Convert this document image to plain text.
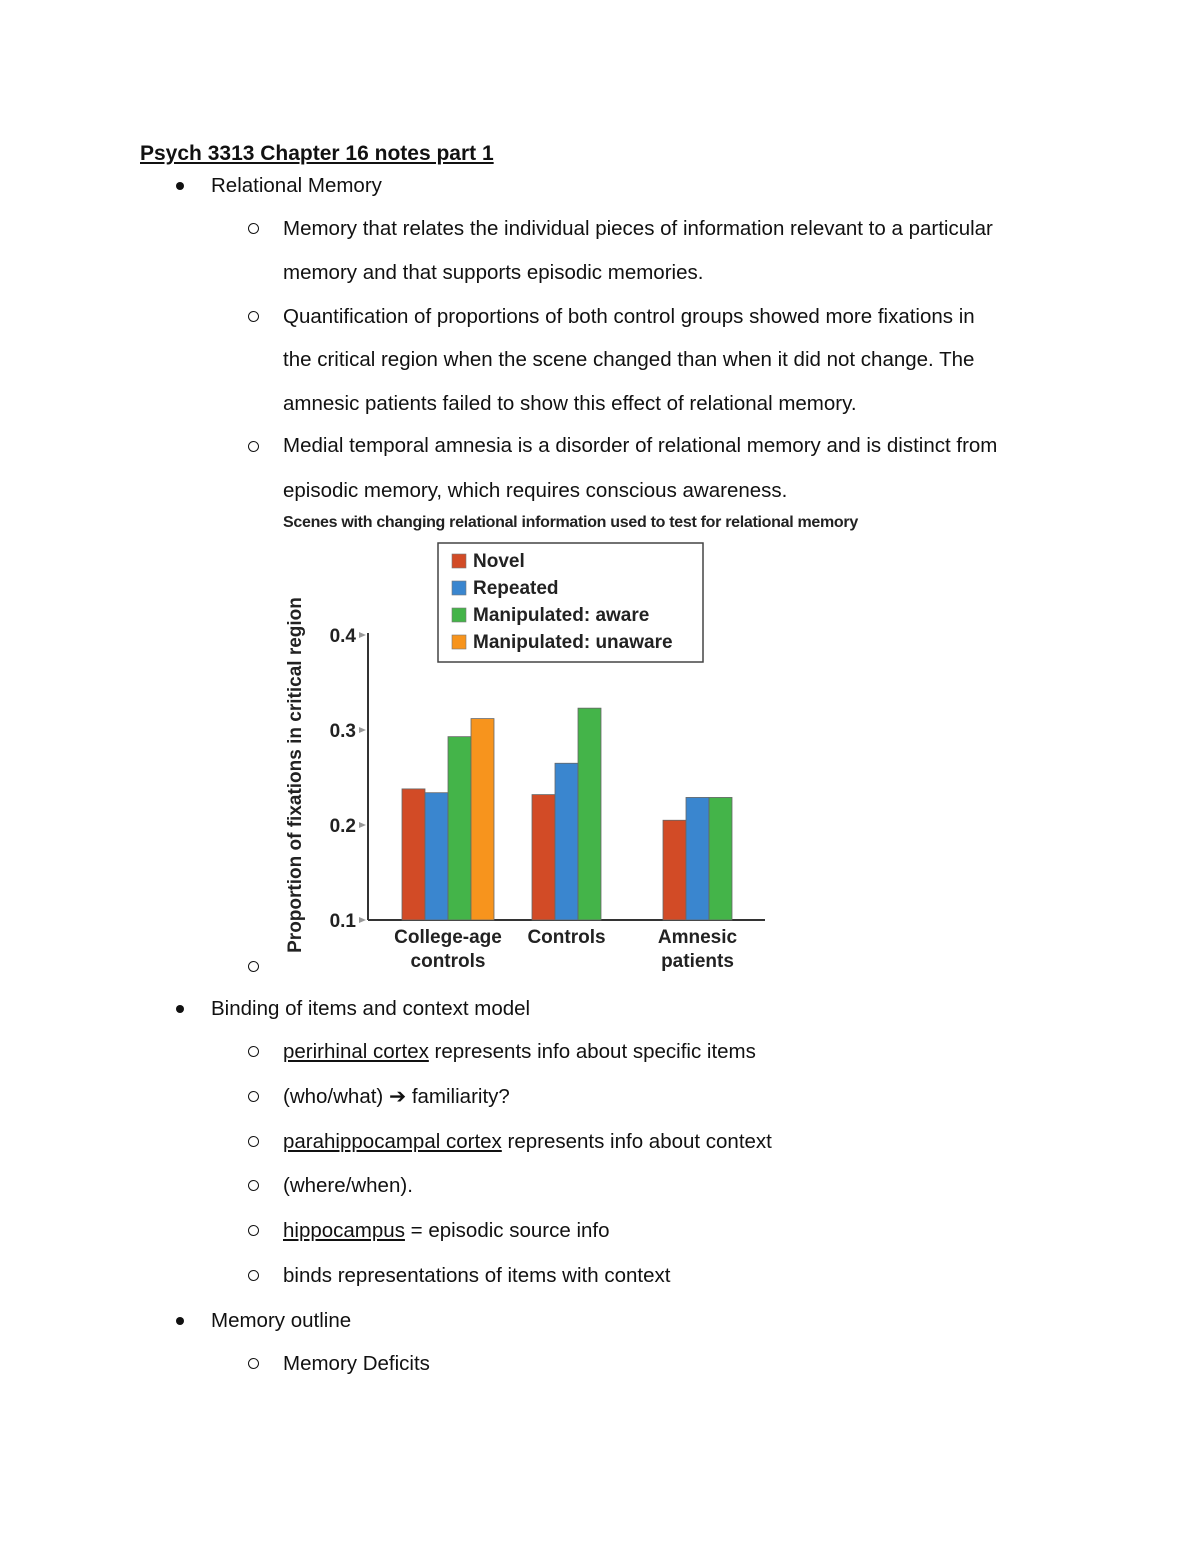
Psych 3313 Chapter 16 notes part 1
Relational Memory
Memory that relates the individual pieces of information relevant to a particular
memory and that supports episodic memories.
Quantification of proportions of both control groups showed more fixations in
the critical region when the scene changed than when it did not change. The
amnesic patients failed to show this effect of relational memory.
Medial temporal amnesia is a disorder of relational memory and is distinct from
episodic memory, which requires conscious awareness.
Scenes with changing relational information used to test for relational memory
Proportion of fixations in critical region 0.1
0.2
0.3
0.4
College-age
controls
Controls	Amnesic
patients
Novel
Repeated
Manipulated: aware
Manipulated: unaware
Binding of items and context model
perirhinal cortex represents info about specific items
(who/what) ➔ familiarity?
parahippocampal cortex represents info about context
(where/when).
hippocampus = episodic source info
binds representations of items with context
Memory outline
Memory Deficits
